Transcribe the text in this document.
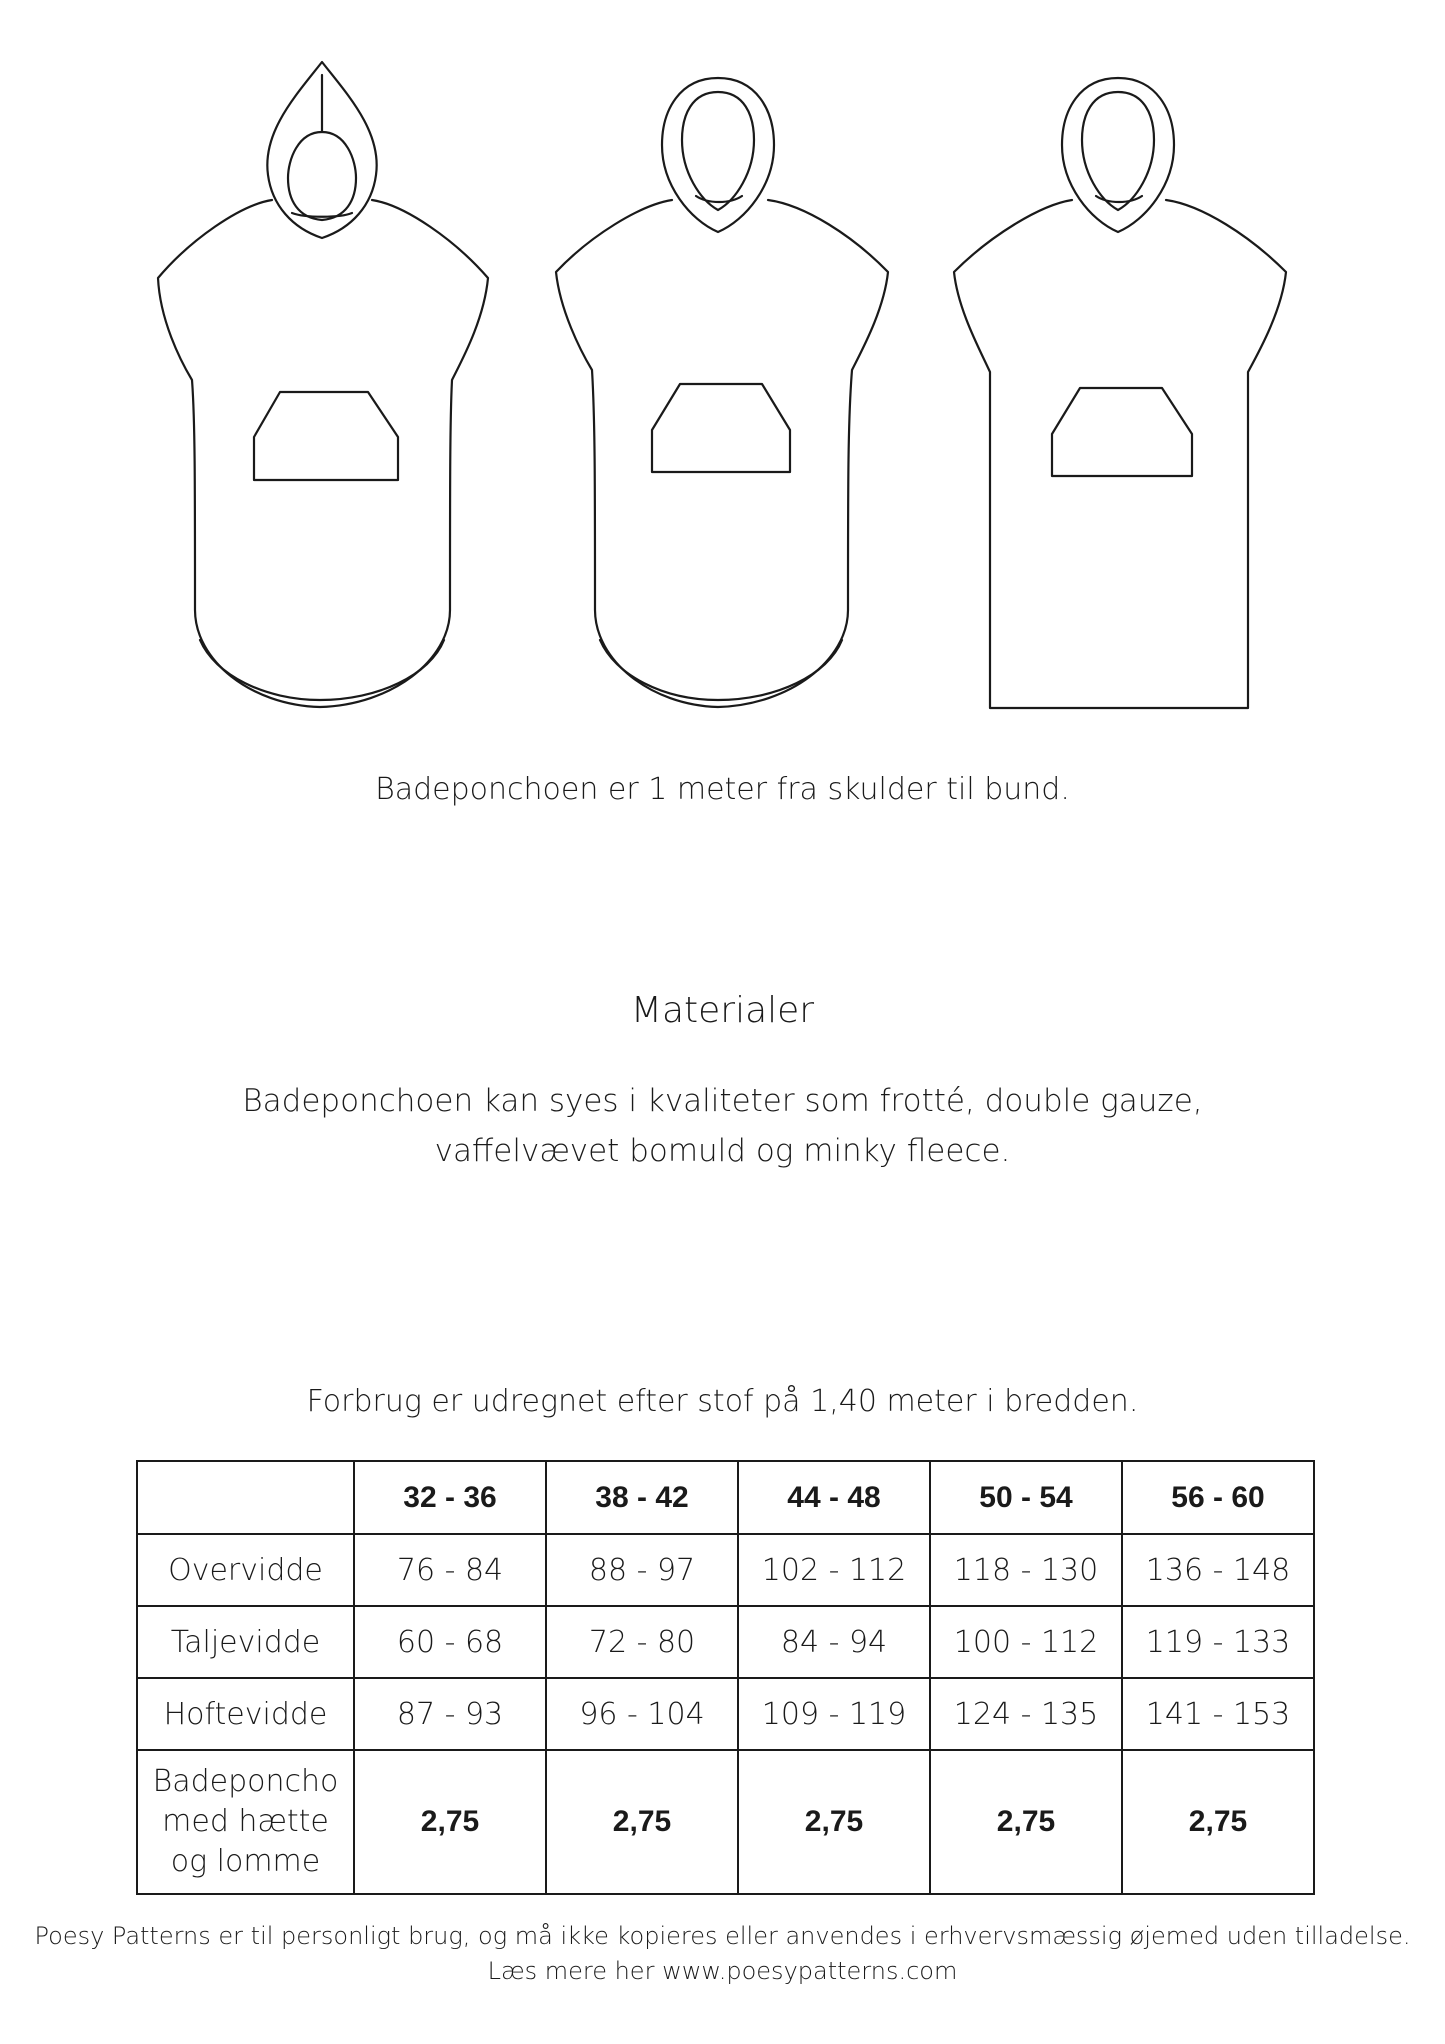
Badeponchoen er 1 meter fra skulder til bund.
Materialer
Badeponchoen kan syes i kvaliteter som frotté, double gauze,
vaffelvævet bomuld og minky fleece.
Forbrug er udregnet efter stof på 1,40 meter i bredden.
	32 - 36	38 - 42	44 - 48	50 - 54	56 - 60
Overvidde	76 - 84	88 - 97	102 - 112	118 - 130	136 - 148
Taljevidde	60 - 68	72 - 80	84 - 94	100 - 112	119 - 133
Hoftevidde	87 - 93	96 - 104	109 - 119	124 - 135	141 - 153

Badeponcho
med hætte
og lomme	2,75	2,75	2,75	2,75	2,75
Poesy Patterns er til personligt brug, og må ikke kopieres eller anvendes i erhvervsmæssig øjemed uden tilladelse.
Læs mere her www.poesypatterns.com
